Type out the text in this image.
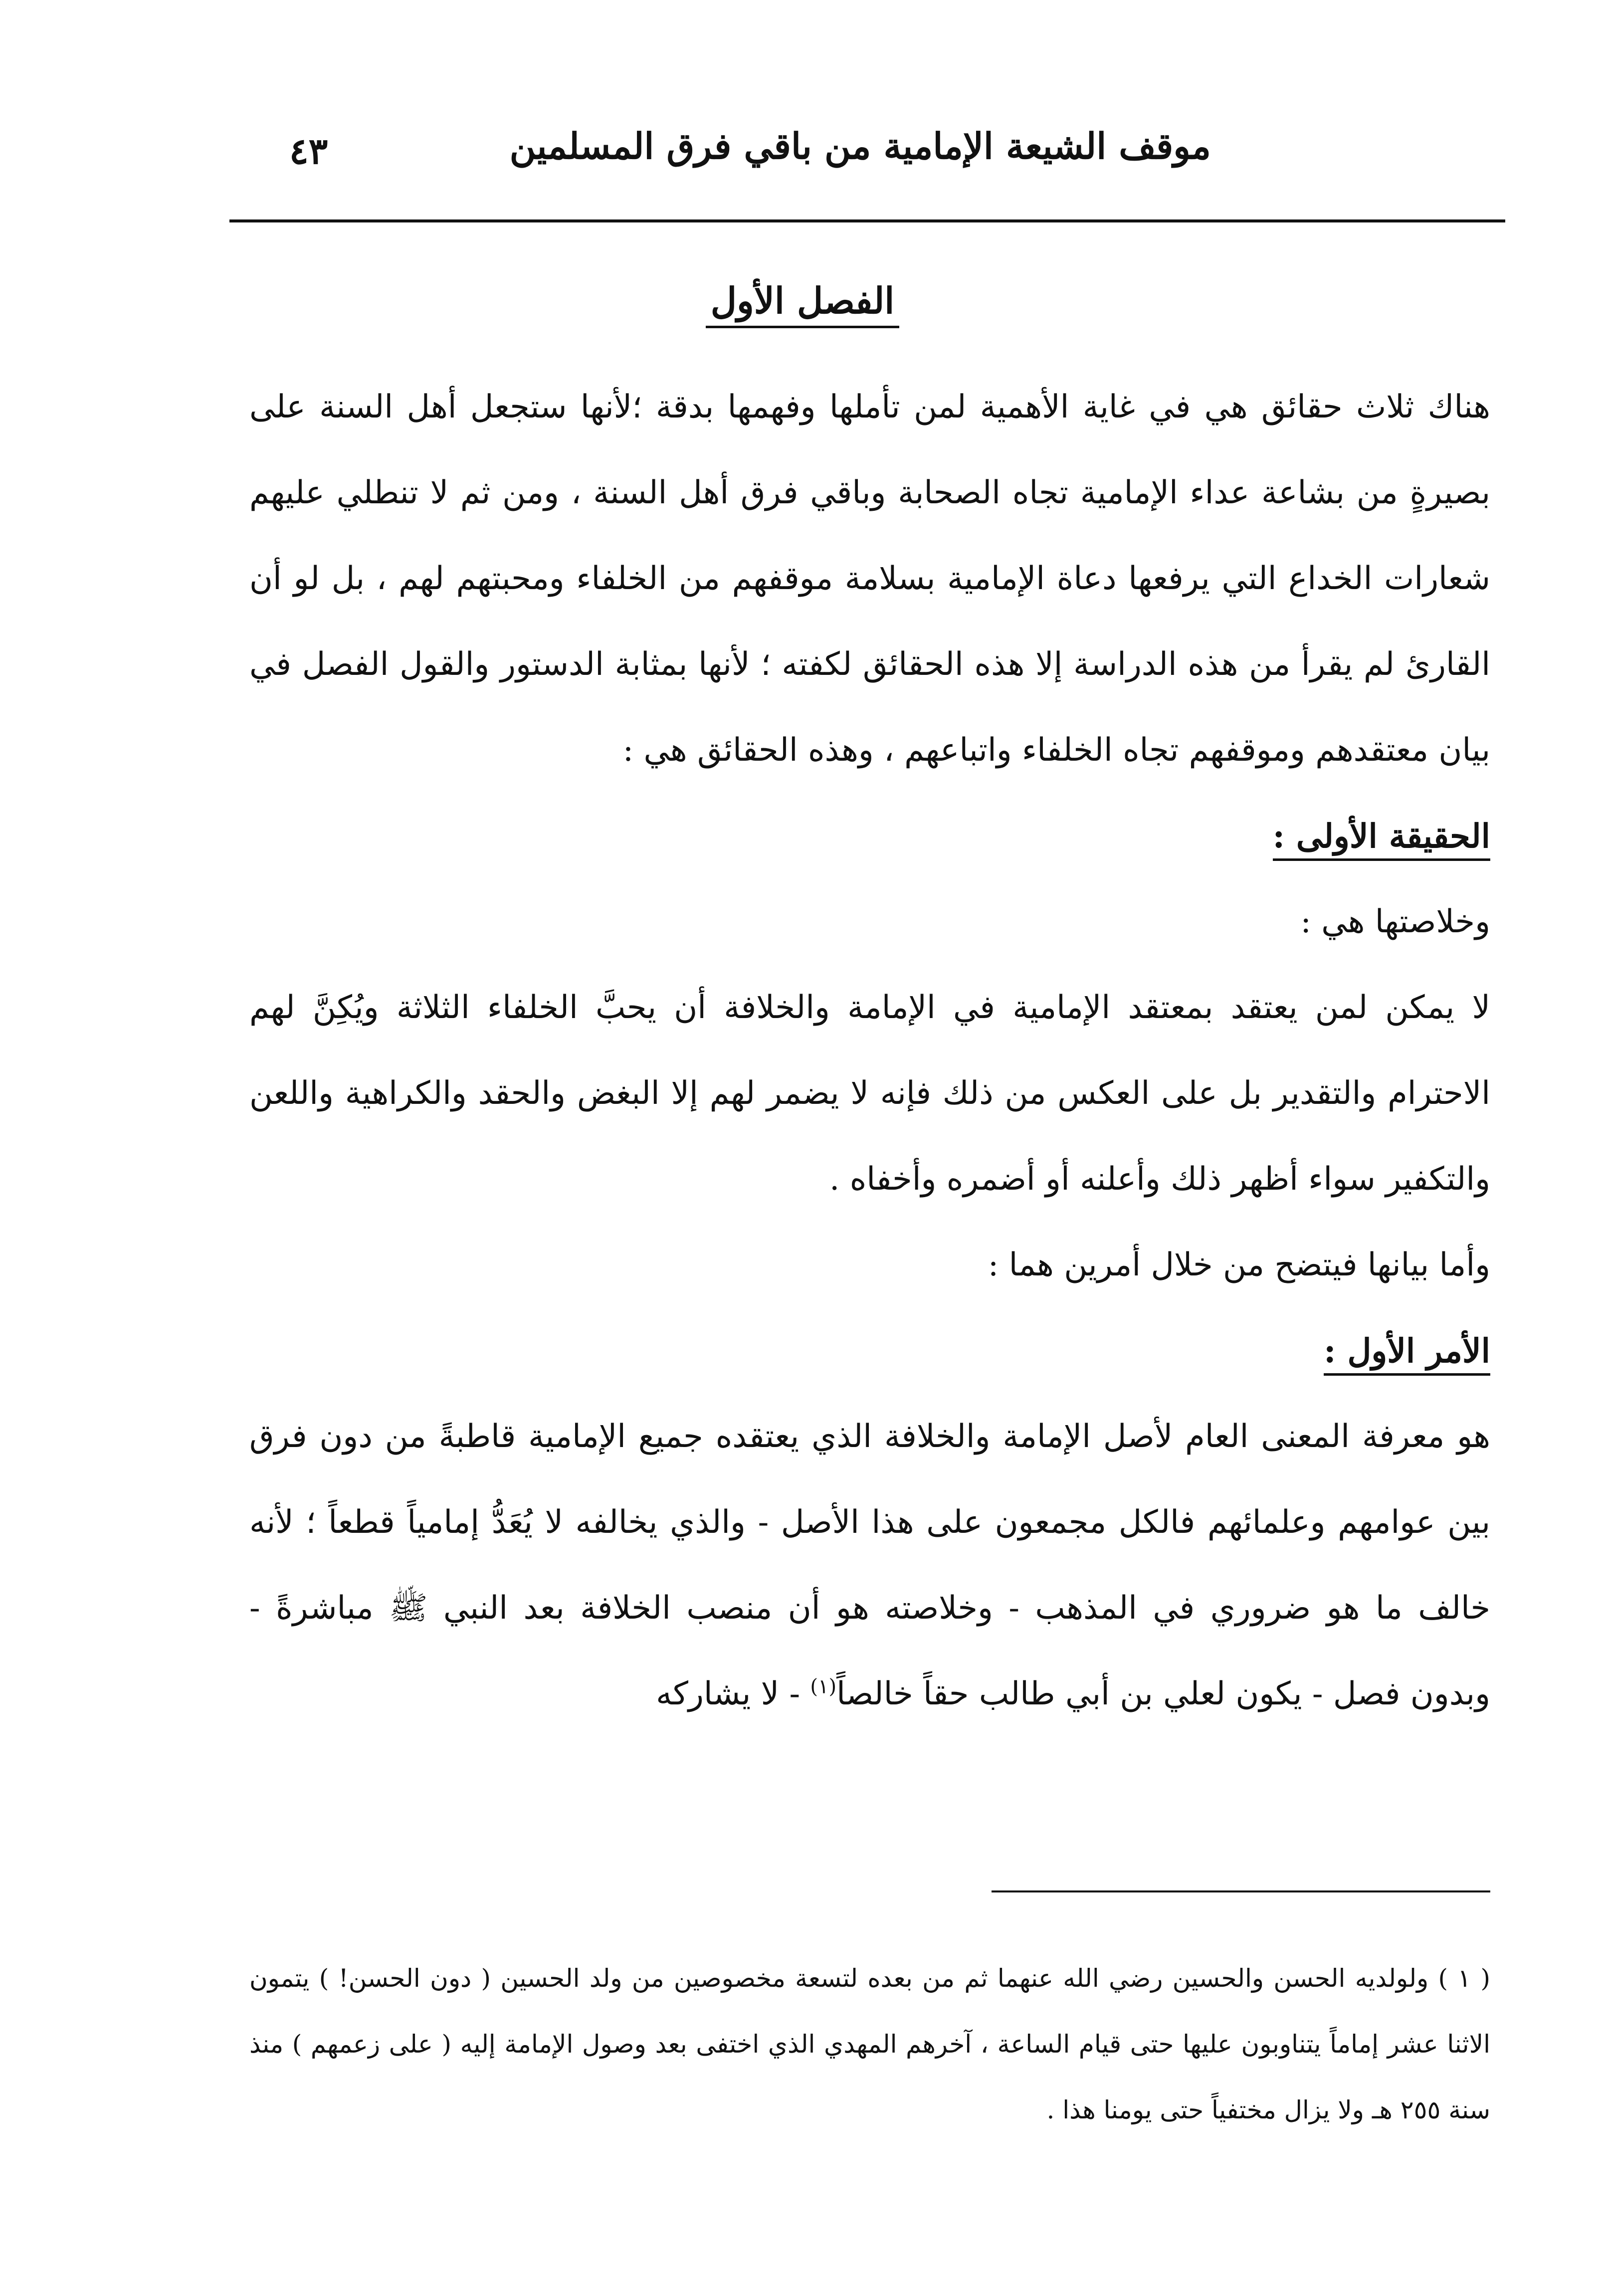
موقف الشيعة الإمامية من باقي فرق المسلمين
٤٣
الفصل الأول

هناك ثلاث حقائق هي في غاية الأهمية لمن تأملها وفهمها بدقة ؛لأنها ستجعل أهل السنة على بصيرةٍ من بشاعة عداء الإمامية تجاه الصحابة وباقي فرق أهل السنة ، ومن ثم لا تنطلي عليهم شعارات الخداع التي يرفعها دعاة الإمامية بسلامة موقفهم من الخلفاء ومحبتهم لهم ، بل لو أن القارئ لم يقرأ من هذه الدراسة إلا هذه الحقائق لكفته ؛ لأنها بمثابة الدستور والقول الفصل في بيان معتقدهم وموقفهم تجاه الخلفاء واتباعهم ، وهذه الحقائق هي :

الحقيقة الأولى :

وخلاصتها هي :

لا يمكن لمن يعتقد بمعتقد الإمامية في الإمامة والخلافة أن يحبَّ الخلفاء الثلاثة ويُكِنَّ لهم الاحترام والتقدير بل على العكس من ذلك فإنه لا يضمر لهم إلا البغض والحقد والكراهية واللعن والتكفير سواء أظهر ذلك وأعلنه أو أضمره وأخفاه .

وأما بيانها فيتضح من خلال أمرين هما :

الأمر الأول :

هو معرفة المعنى العام لأصل الإمامة والخلافة الذي يعتقده جميع الإمامية قاطبةً من دون فرق بين عوامهم وعلمائهم فالكل مجمعون على هذا الأصل - والذي يخالفه لا يُعَدُّ إمامياً قطعاً ؛ لأنه خالف ما هو ضروري في المذهب - وخلاصته هو أن منصب الخلافة بعد النبي ﷺ مباشرةً - وبدون فصل - يكون لعلي بن أبي طالب حقاً خالصاً$^{(١)}$ - لا يشاركه

( ١ ) ولولديه الحسن والحسين رضي الله عنهما ثم من بعده لتسعة مخصوصين من ولد الحسين ( دون الحسن! ) يتمون الاثنا عشر إماماً يتناوبون عليها حتى قيام الساعة ، آخرهم المهدي الذي اختفى بعد وصول الإمامة إليه ( على زعمهم ) منذ سنة ٢٥٥ هـ ولا يزال مختفياً حتى يومنا هذا .
